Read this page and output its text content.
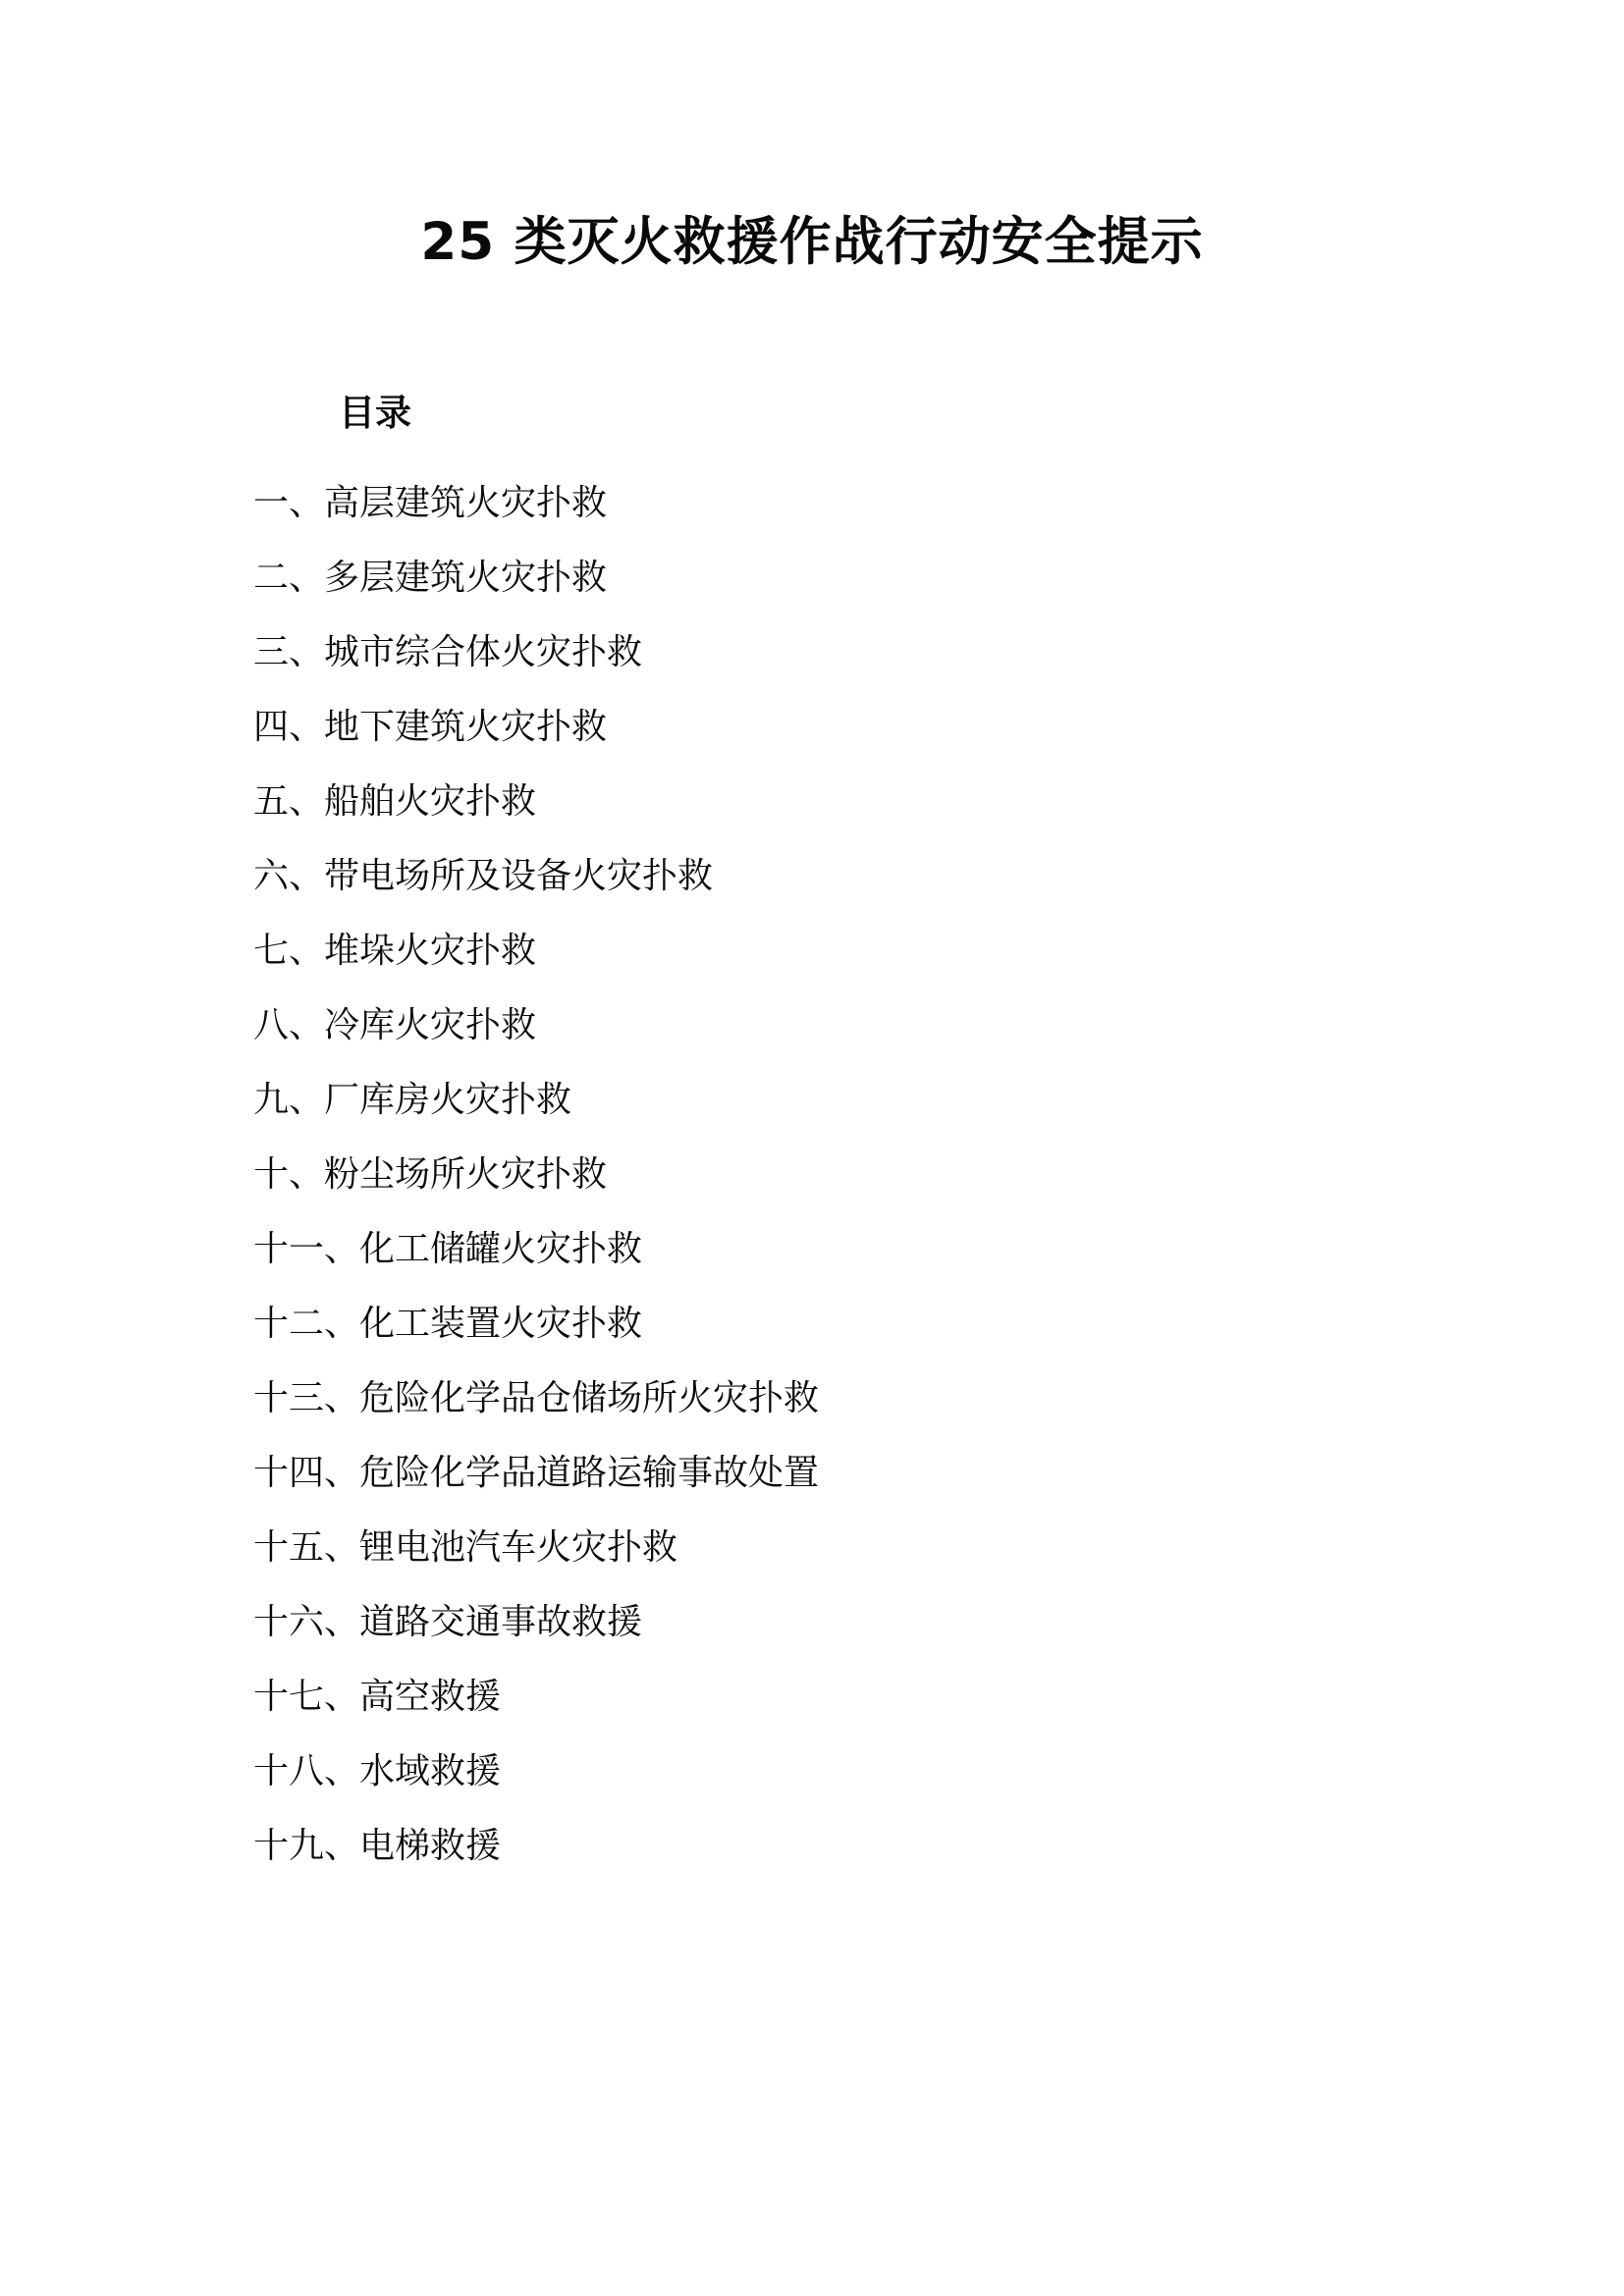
25 类灭火救援作战行动安全提示
目录
一、高层建筑火灾扑救
二、多层建筑火灾扑救
三、城市综合体火灾扑救
四、地下建筑火灾扑救
五、船舶火灾扑救
六、带电场所及设备火灾扑救
七、堆垛火灾扑救
八、冷库火灾扑救
九、厂库房火灾扑救
十、粉尘场所火灾扑救
十一、化工储罐火灾扑救
十二、化工装置火灾扑救
十三、危险化学品仓储场所火灾扑救
十四、危险化学品道路运输事故处置
十五、锂电池汽车火灾扑救
十六、道路交通事故救援
十七、高空救援
十八、水域救援
十九、电梯救援
